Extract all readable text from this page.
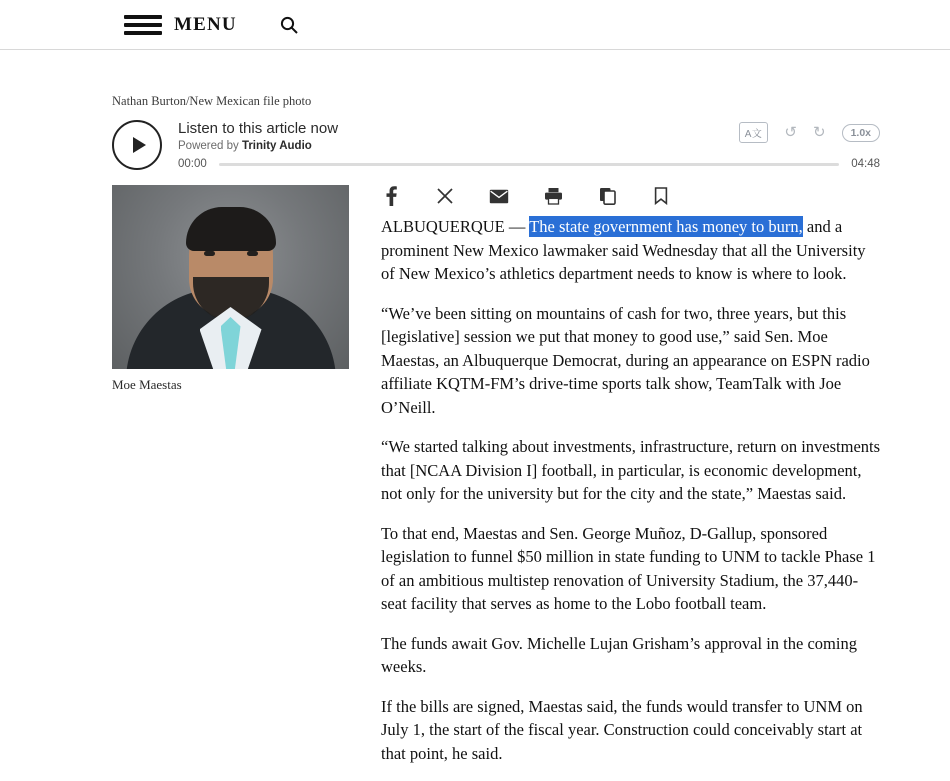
MENU
Nathan Burton/New Mexican file photo
Listen to this article now
Powered by Trinity Audio
00:00	04:48
A文	↺ ↻	1.0x
Moe Maestas

ALBUQUERQUE — The state government has money to burn, and a prominent New Mexico lawmaker said Wednesday that all the University of New Mexico’s athletics department needs to know is where to look.

“We’ve been sitting on mountains of cash for two, three years, but this [legislative] session we put that money to good use,” said Sen. Moe Maestas, an Albuquerque Democrat, during an appearance on ESPN radio affiliate KQTM-FM’s drive-time sports talk show, TeamTalk with Joe O’Neill.

“We started talking about investments, infrastructure, return on investments that [NCAA Division I] football, in particular, is economic development, not only for the university but for the city and the state,” Maestas said.

To that end, Maestas and Sen. George Muñoz, D-Gallup, sponsored legislation to funnel $50 million in state funding to UNM to tackle Phase 1 of an ambitious multistep renovation of University Stadium, the 37,440-seat facility that serves as home to the Lobo football team.

The funds await Gov. Michelle Lujan Grisham’s approval in the coming weeks.

If the bills are signed, Maestas said, the funds would transfer to UNM on July 1, the start of the fiscal year. Construction could conceivably start at that point, he said.
